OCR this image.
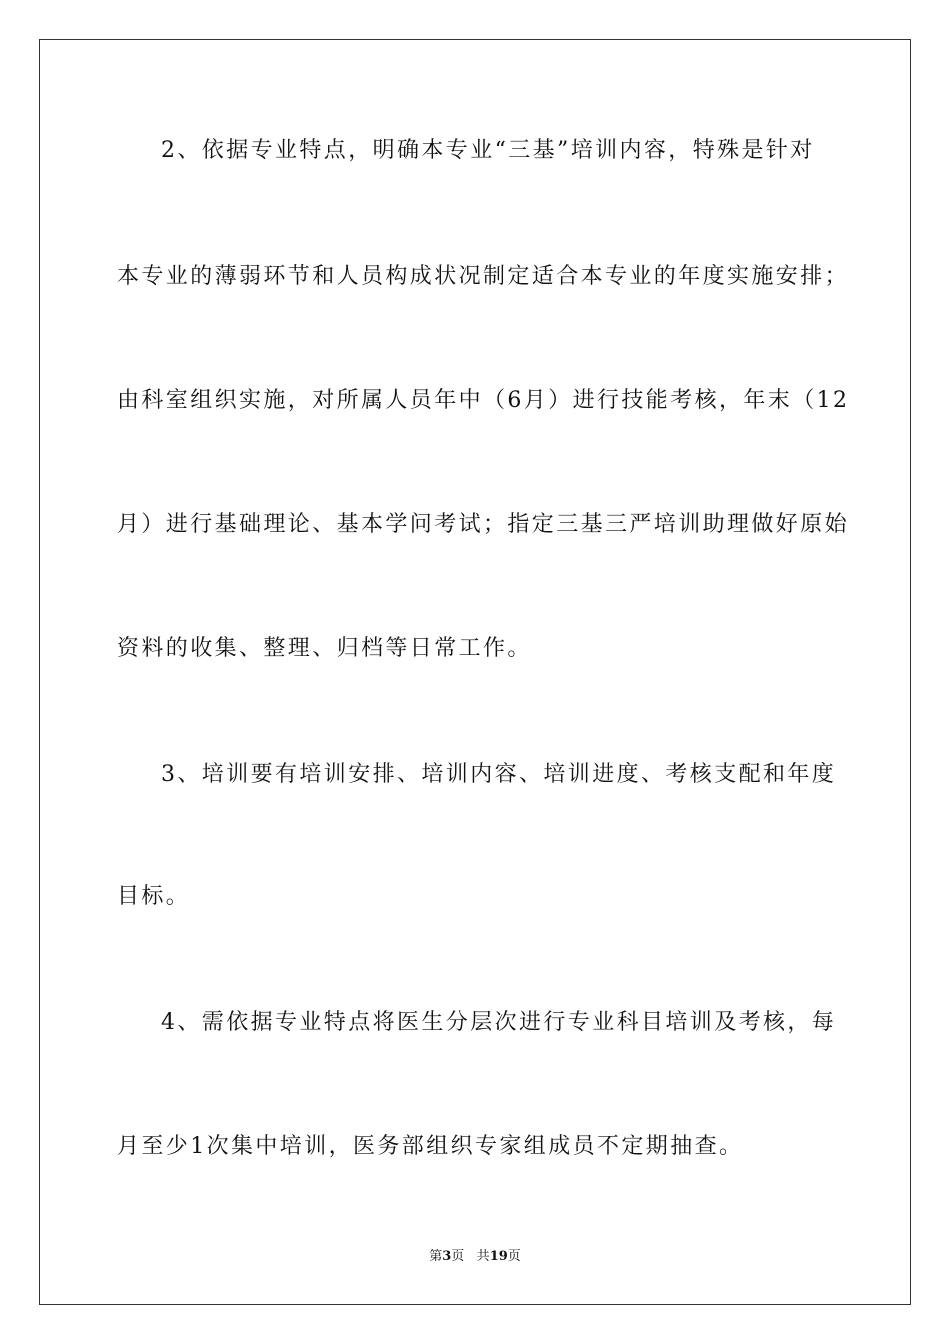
2、依据专业特点，明确本专业“三基”培训内容，特殊是针对
本专业的薄弱环节和人员构成状况制定适合本专业的年度实施安排；
由科室组织实施，对所属人员年中（6月）进行技能考核，年末（12
月）进行基础理论、基本学问考试；指定三基三严培训助理做好原始
资料的收集、整理、归档等日常工作。
3、培训要有培训安排、培训内容、培训进度、考核支配和年度
目标。
4、需依据专业特点将医生分层次进行专业科目培训及考核，每
月至少1次集中培训，医务部组织专家组成员不定期抽查。
第3页 共19页
